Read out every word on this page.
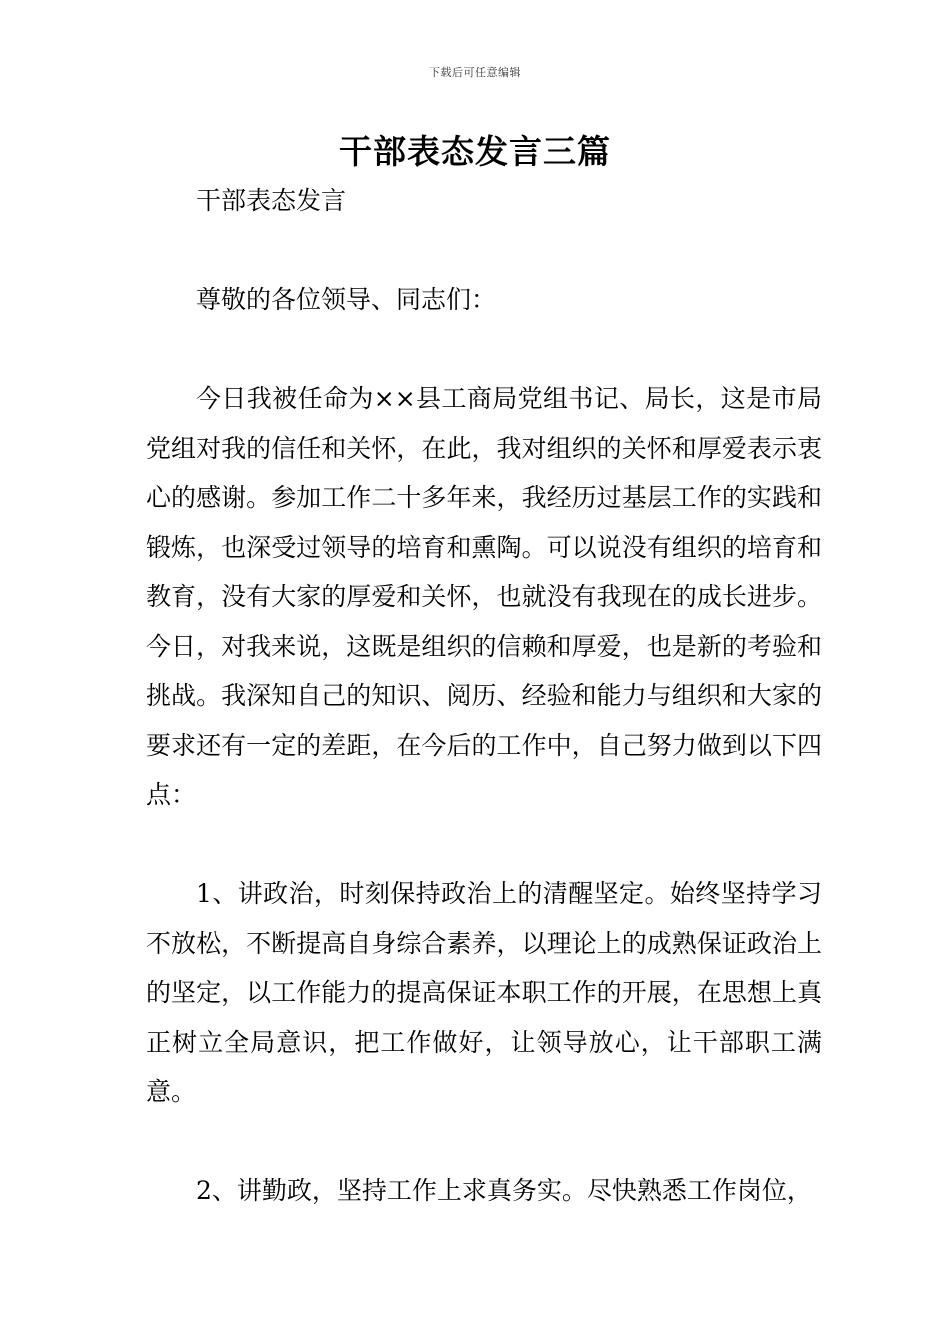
下载后可任意编辑
干部表态发言三篇

干部表态发言

尊敬的各位领导、同志们：

今日我被任命为××县工商局党组书记、局长，这是市局党组对我的信任和关怀，在此，我对组织的关怀和厚爱表示衷心的感谢。参加工作二十多年来，我经历过基层工作的实践和锻炼，也深受过领导的培育和熏陶。可以说没有组织的培育和教育，没有大家的厚爱和关怀，也就没有我现在的成长进步。今日，对我来说，这既是组织的信赖和厚爱，也是新的考验和挑战。我深知自己的知识、阅历、经验和能力与组织和大家的要求还有一定的差距，在今后的工作中，自己努力做到以下四点：

1、讲政治，时刻保持政治上的清醒坚定。始终坚持学习不放松，不断提高自身综合素养，以理论上的成熟保证政治上的坚定，以工作能力的提高保证本职工作的开展，在思想上真正树立全局意识，把工作做好，让领导放心，让干部职工满意。

2、讲勤政，坚持工作上求真务实。尽快熟悉工作岗位，
